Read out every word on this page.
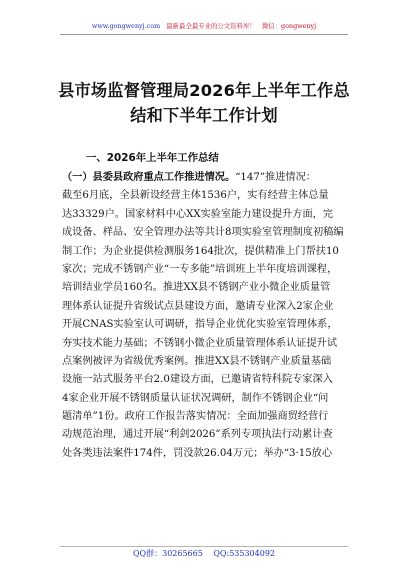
www.gongwenyj.com 最新最全最专业的公文资料库！ 微信：gongwenyj
县市场监督管理局2026年上半年工作总
结和下半年工作计划
一、2026年上半年工作总结
（一）县委县政府重点工作推进情况。“147”推进情况：
截至6月底，全县新设经营主体1536户，实有经营主体总量
达33329户。国家材料中心XX实验室能力建设提升方面，完
成设备、样品、安全管理办法等共计8项实验室管理制度初稿编
制工作；为企业提供检测服务164批次，提供精准上门帮扶10
家次；完成不锈钢产业“一专多能”培训班上半年度培训课程，
培训结业学员160名。推进XX县不锈钢产业小微企业质量管
理体系认证提升省级试点县建设方面，邀请专业深入2家企业
开展CNAS实验室认可调研，指导企业优化实验室管理体系，
夯实技术能力基础；不锈钢小微企业质量管理体系认证提升试
点案例被评为省级优秀案例。推进XX县不锈钢产业质量基础
设施一站式服务平台2.0建设方面，已邀请省特科院专家深入
4家企业开展不锈钢质量认证状况调研，制作不锈钢企业“问
题清单”1份。政府工作报告落实情况：全面加强商贸经营行
动规范治理，通过开展“利剑2026”系列专项执法行动累计查
处各类违法案件174件，罚没款26.04万元；举办“3·15放心
QQ群：30265665 QQ:535304092
